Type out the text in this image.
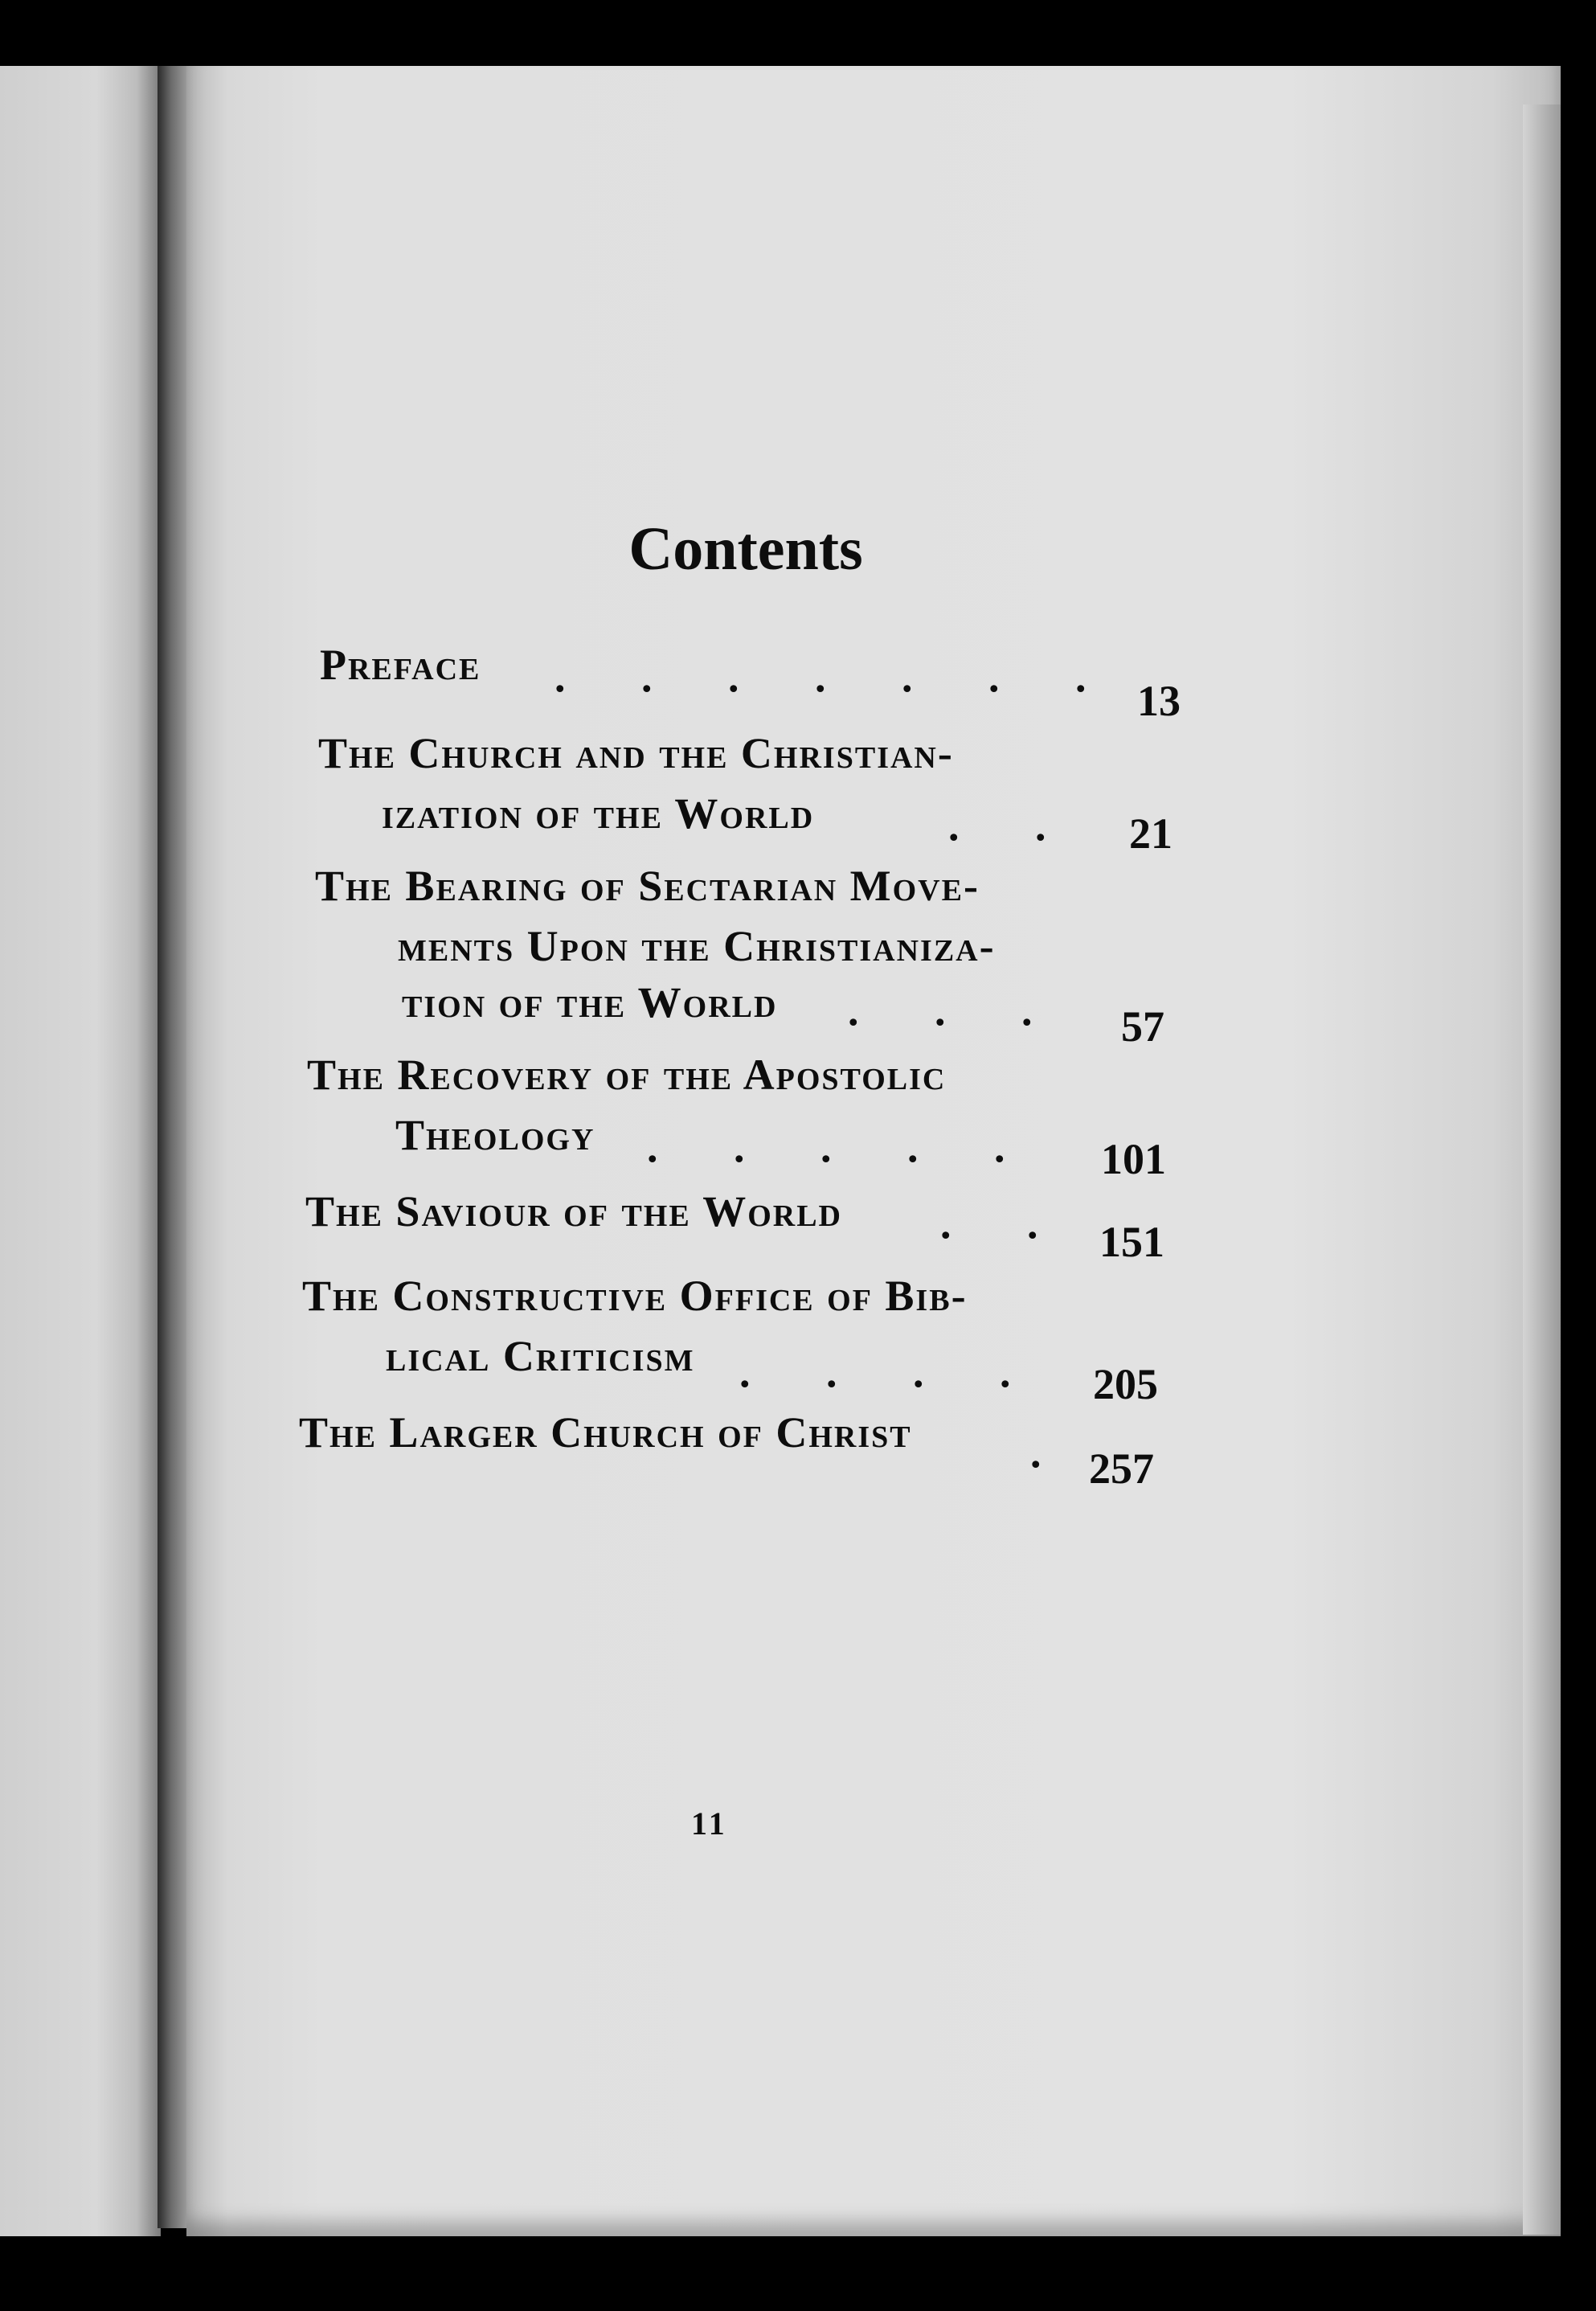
Contents
Preface .       .       .       .       .       .       . 13
The Church and the Christian-
ization of the World	.       . 21
The Bearing of Sectarian Move-
ments Upon the Christianiza-
tion of the World .       .       . 57
The Recovery of the Apostolic
Theology .       .       .       .       . 101
The Saviour of the World .       . 151
The Constructive Office of Bib-
lical Criticism .       .       .       . 205
The Larger Church of Christ	. 257
11
